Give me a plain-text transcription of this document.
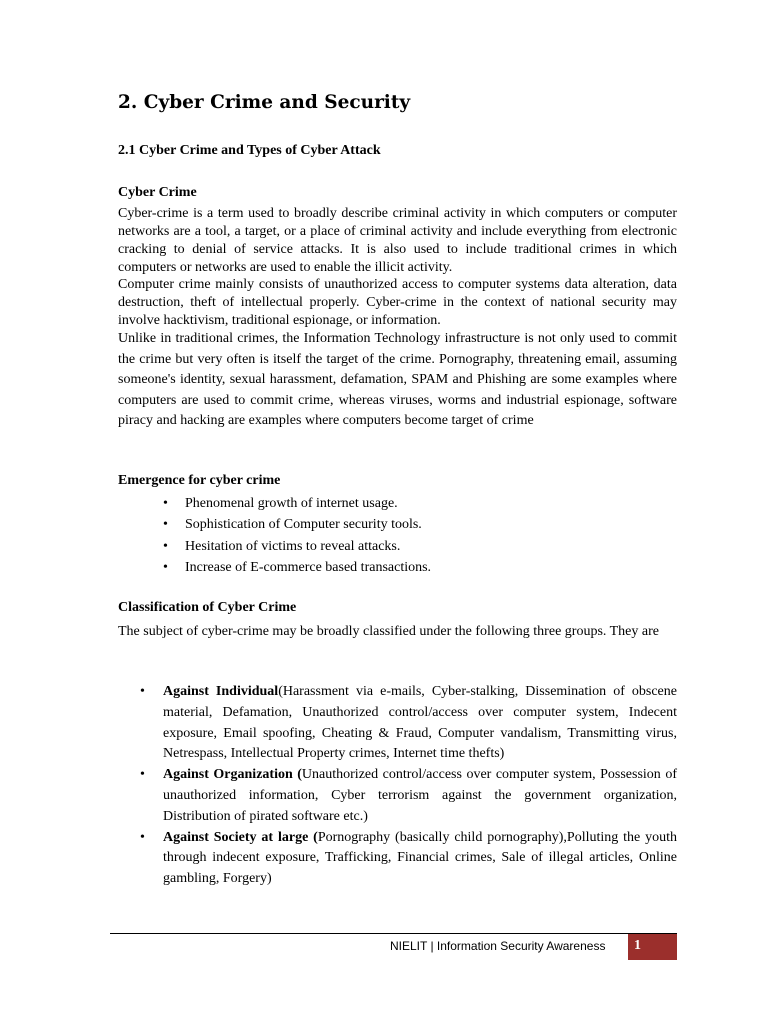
2. Cyber Crime and Security
2.1 Cyber Crime and Types of Cyber Attack
Cyber Crime

Cyber-crime is a term used to broadly describe criminal activity in which computers or computer networks are a tool, a target, or a place of criminal activity and include everything from electronic cracking to denial of service attacks. It is also used to include traditional crimes in which computers or networks are used to enable the illicit activity.

Computer crime mainly consists of unauthorized access to computer systems data alteration, data destruction, theft of intellectual properly. Cyber-crime in the context of national security may involve hacktivism, traditional espionage, or information.

Unlike in traditional crimes, the Information Technology infrastructure is not only used to commit the crime but very often is itself the target of the crime. Pornography, threatening email, assuming someone's identity, sexual harassment, defamation, SPAM and Phishing are some examples where computers are used to commit crime, whereas viruses, worms and industrial espionage, software piracy and hacking are examples where computers become target of crime

Emergence for cyber crime
• Phenomenal growth of internet usage.
• Sophistication of Computer security tools.
• Hesitation of victims to reveal attacks.
• Increase of E-commerce based transactions.
Classification of Cyber Crime

The subject of cyber-crime may be broadly classified under the following three groups. They are

• Against Individual(Harassment via e-mails, Cyber-stalking, Dissemination of obscene material, Defamation, Unauthorized control/access over computer system, Indecent exposure, Email spoofing, Cheating & Fraud, Computer vandalism, Transmitting virus, Netrespass, Intellectual Property crimes, Internet time thefts)
• Against Organization (Unauthorized control/access over computer system, Possession of unauthorized information, Cyber terrorism against the government organization, Distribution of pirated software etc.)
• Against Society at large (Pornography (basically child pornography),Polluting the youth through indecent exposure, Trafficking, Financial crimes, Sale of illegal articles, Online gambling, Forgery)
NIELIT | Information Security Awareness	1
